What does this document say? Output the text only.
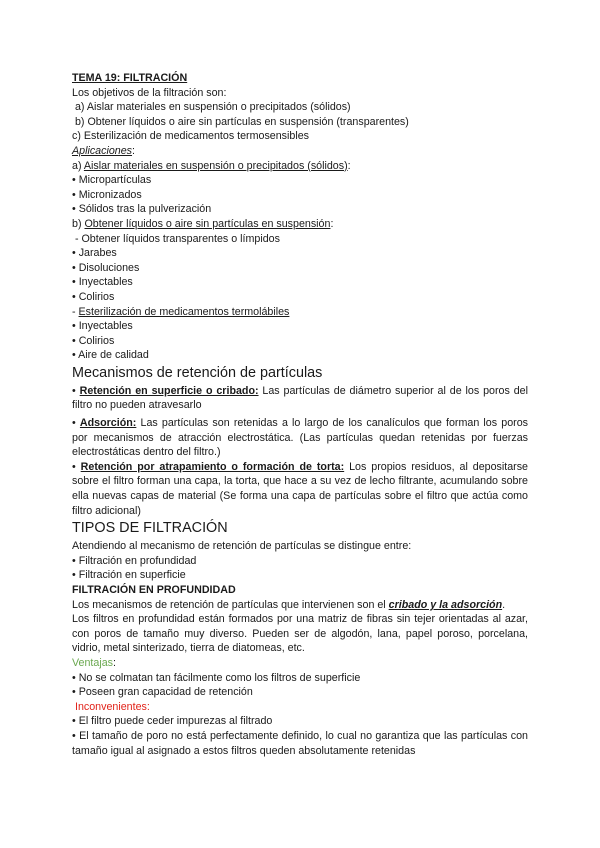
TEMA 19: FILTRACIÓN

Los objetivos de la filtración son:

a) Aislar materiales en suspensión o precipitados (sólidos)

b) Obtener líquidos o aire sin partículas en suspensión (transparentes)

c) Esterilización de medicamentos termosensibles

Aplicaciones:

a) Aislar materiales en suspensión o precipitados (sólidos):

• Micropartículas

• Micronizados

• Sólidos tras la pulverización

b) Obtener líquidos o aire sin partículas en suspensión:

- Obtener líquidos transparentes o límpidos

• Jarabes

• Disoluciones

• Inyectables

• Colirios

- Esterilización de medicamentos termolábiles

• Inyectables

• Colirios

• Aire de calidad

Mecanismos de retención de partículas

• Retención en superficie o cribado: Las partículas de diámetro superior al de los poros del filtro no pueden atravesarlo

• Adsorción: Las partículas son retenidas a lo largo de los canalículos que forman los poros por mecanismos de atracción electrostática. (Las partículas quedan retenidas por fuerzas electrostáticas dentro del filtro.)

• Retención por atrapamiento o formación de torta: Los propios residuos, al depositarse sobre el filtro forman una capa, la torta, que hace a su vez de lecho filtrante, acumulando sobre ella nuevas capas de material (Se forma una capa de partículas sobre el filtro que actúa como filtro adicional)

TIPOS DE FILTRACIÓN

Atendiendo al mecanismo de retención de partículas se distingue entre:

• Filtración en profundidad

• Filtración en superficie

FILTRACIÓN EN PROFUNDIDAD

Los mecanismos de retención de partículas que intervienen son el cribado y la adsorción.

Los filtros en profundidad están formados por una matriz de fibras sin tejer orientadas al azar, con poros de tamaño muy diverso. Pueden ser de algodón, lana, papel poroso, porcelana, vidrio, metal sinterizado, tierra de diatomeas, etc.

Ventajas:

• No se colmatan tan fácilmente como los filtros de superficie

• Poseen gran capacidad de retención

Inconvenientes:

• El filtro puede ceder impurezas al filtrado

• El tamaño de poro no está perfectamente definido, lo cual no garantiza que las partículas con tamaño igual al asignado a estos filtros queden absolutamente retenidas
